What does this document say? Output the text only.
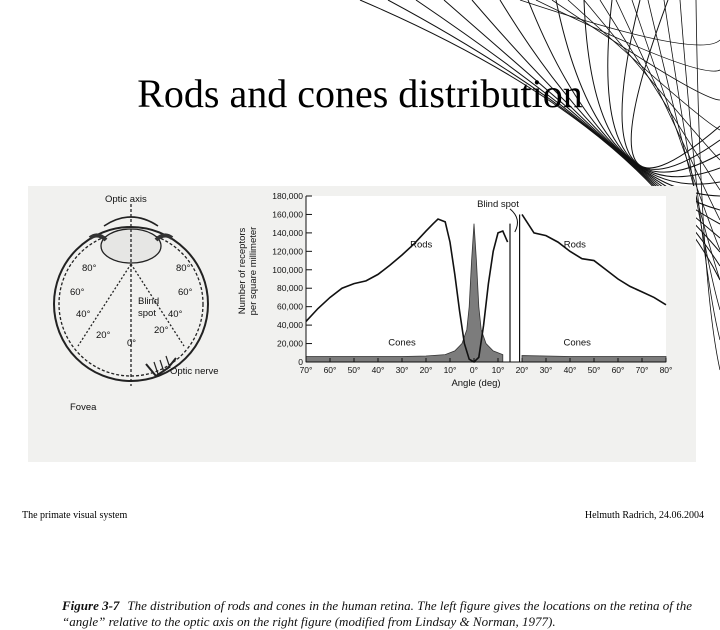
Rods and cones distribution
Optic axis
80°
60°
40°
20°
80°
60°
40°
20°
0°
Blind
spot
Fovea
Optic nerve
0
20,000
40,000
60,000
80,000
100,000
120,000
140,000
160,000
180,000
70° 60° 50° 40° 30° 20° 10° 0° 10° 20° 30° 40° 50° 60° 70° 80°
Angle (deg)
Number of receptors per square millimeter	Rods	Rods
Cones	Cones
Blind spot
Figure 3-7 The distribution of rods and cones in the human retina. The left figure gives the locations on the retina of the “angle” relative to the optic axis on the right figure (modified from Lindsay & Norman, 1977).
The primate visual system	Helmuth Radrich, 24.06.2004
